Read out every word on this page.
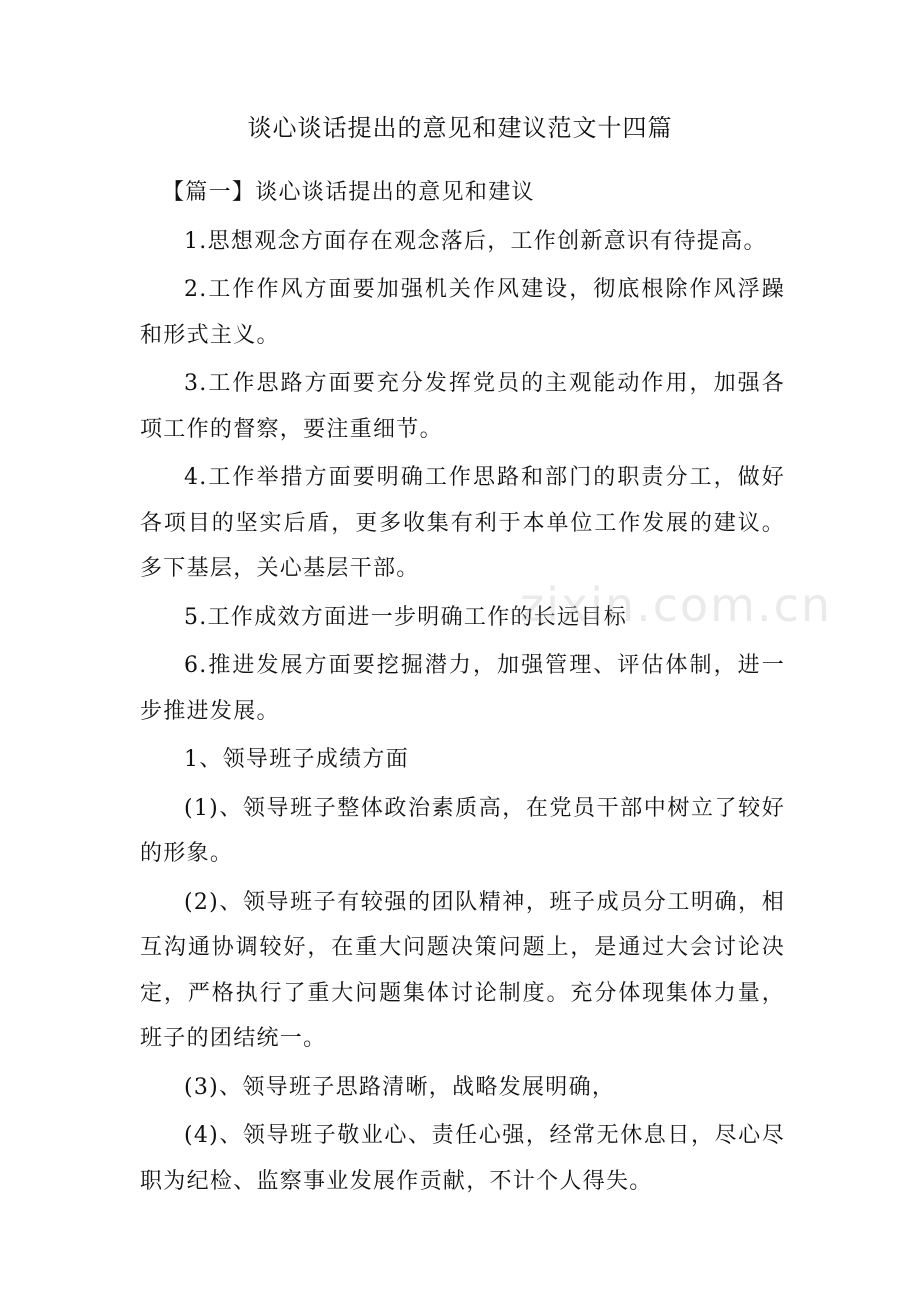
谈心谈话提出的意见和建议范文十四篇

【篇一】谈心谈话提出的意见和建议

1.思想观念方面存在观念落后，工作创新意识有待提高。

2.工作作风方面要加强机关作风建设，彻底根除作风浮躁和形式主义。

3.工作思路方面要充分发挥党员的主观能动作用，加强各项工作的督察，要注重细节。

4.工作举措方面要明确工作思路和部门的职责分工，做好各项目的坚实后盾，更多收集有利于本单位工作发展的建议。多下基层，关心基层干部。

5.工作成效方面进一步明确工作的长远目标

6.推进发展方面要挖掘潜力，加强管理、评估体制，进一步推进发展。

1、领导班子成绩方面

(1)、领导班子整体政治素质高，在党员干部中树立了较好的形象。

(2)、领导班子有较强的团队精神，班子成员分工明确，相互沟通协调较好，在重大问题决策问题上，是通过大会讨论决定，严格执行了重大问题集体讨论制度。充分体现集体力量，班子的团结统一。

(3)、领导班子思路清晰，战略发展明确，

(4)、领导班子敬业心、责任心强，经常无休息日，尽心尽职为纪检、监察事业发展作贡献，不计个人得失。

zixin.com.cn
